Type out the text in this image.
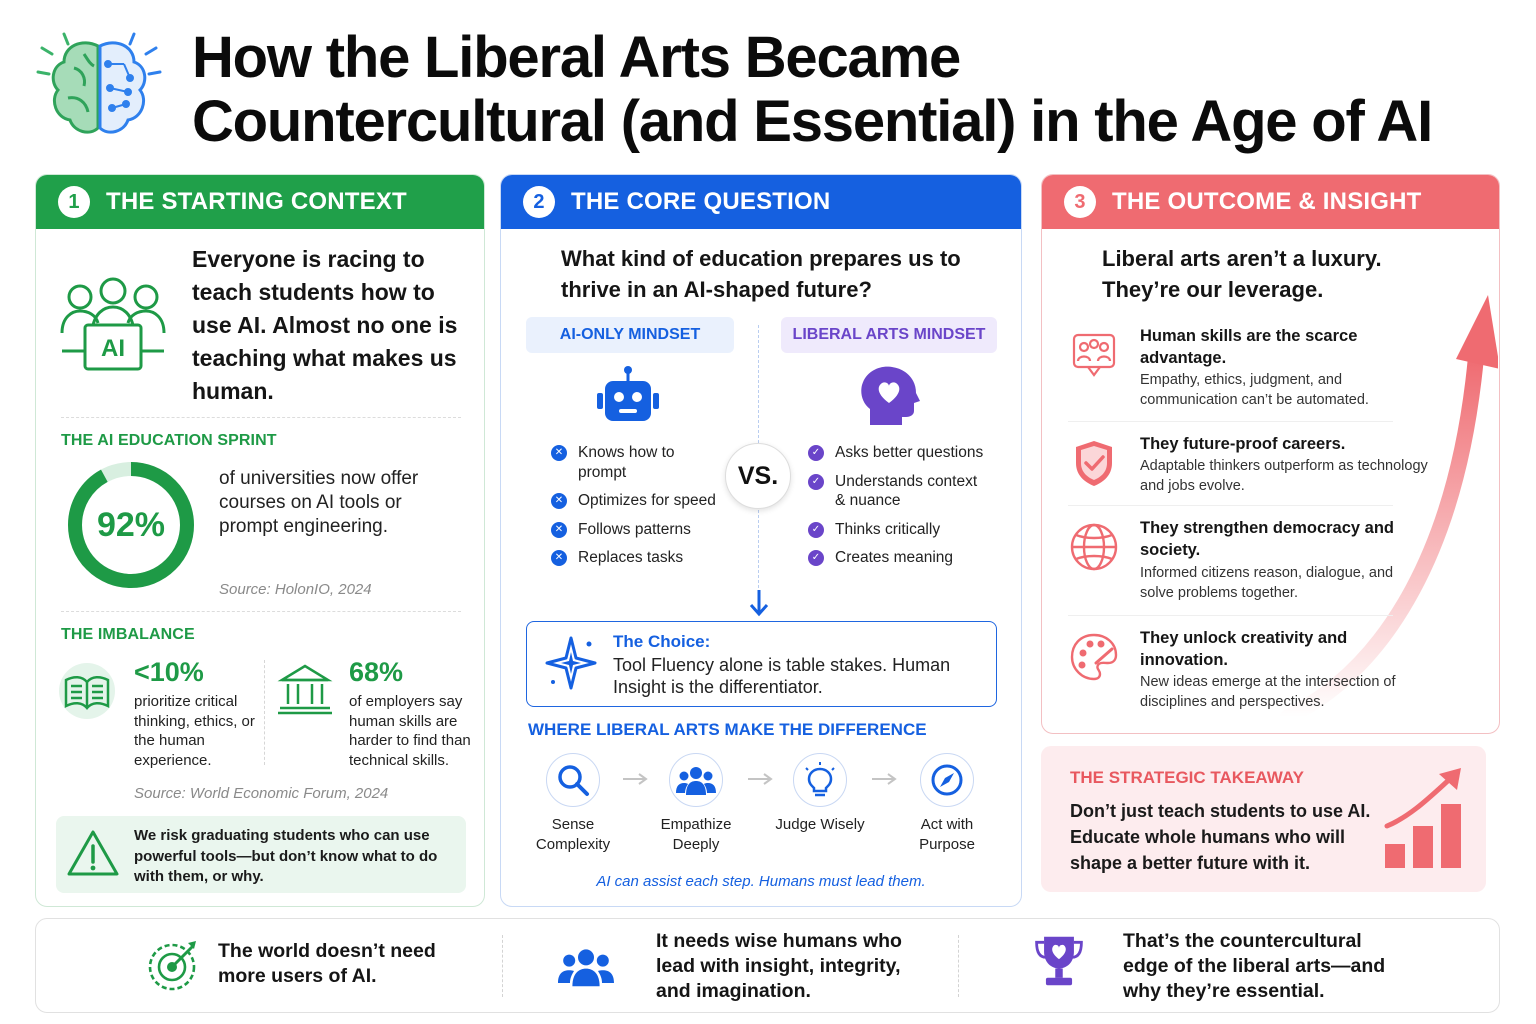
How the Liberal Arts Became
Countercultural (and Essential) in the Age of AI
1	THE STARTING CONTEXT
AI
Everyone is racing to teach students how to use AI. Almost no one is teaching what makes us human.
THE AI EDUCATION SPRINT
92%
of universities now offer courses on AI tools or prompt engineering.
Source: HolonIO, 2024
THE IMBALANCE
<10%
prioritize critical thinking, ethics, or the human experience.
68%
of employers say human skills are harder to find than technical skills.
Source: World Economic Forum, 2024
We risk graduating students who can use powerful tools—but don’t know what to do with them, or why.
2	THE CORE QUESTION
What kind of education prepares us to thrive in an AI-shaped future?
AI-ONLY MINDSET	LIBERAL ARTS MINDSET
VS.
✕ Knows how to prompt
✕ Optimizes for speed
✕ Follows patterns
✕ Replaces tasks
✓ Asks better questions
✓ Understands context & nuance
✓ Thinks critically
✓ Creates meaning
The Choice:
Tool Fluency alone is table stakes. Human Insight is the differentiator.
WHERE LIBERAL ARTS MAKE THE DIFFERENCE
Sense Complexity
Empathize Deeply
Judge Wisely	Act with Purpose
AI can assist each step. Humans must lead them.
3	THE OUTCOME & INSIGHT
Liberal arts aren’t a luxury. They’re our leverage.
Human skills are the scarce advantage.
Empathy, ethics, judgment, and communication can’t be automated.
They future-proof careers.
Adaptable thinkers outperform as technology and jobs evolve.
They strengthen democracy and society.
Informed citizens reason, dialogue, and solve problems together.
They unlock creativity and innovation.
New ideas emerge at the intersection of disciplines and perspectives.
THE STRATEGIC TAKEAWAY
Don’t just teach students to use AI. Educate whole humans who will shape a better future with it.
The world doesn’t need more users of AI.
It needs wise humans who lead with insight, integrity, and imagination.
That’s the countercultural edge of the liberal arts—and why they’re essential.
